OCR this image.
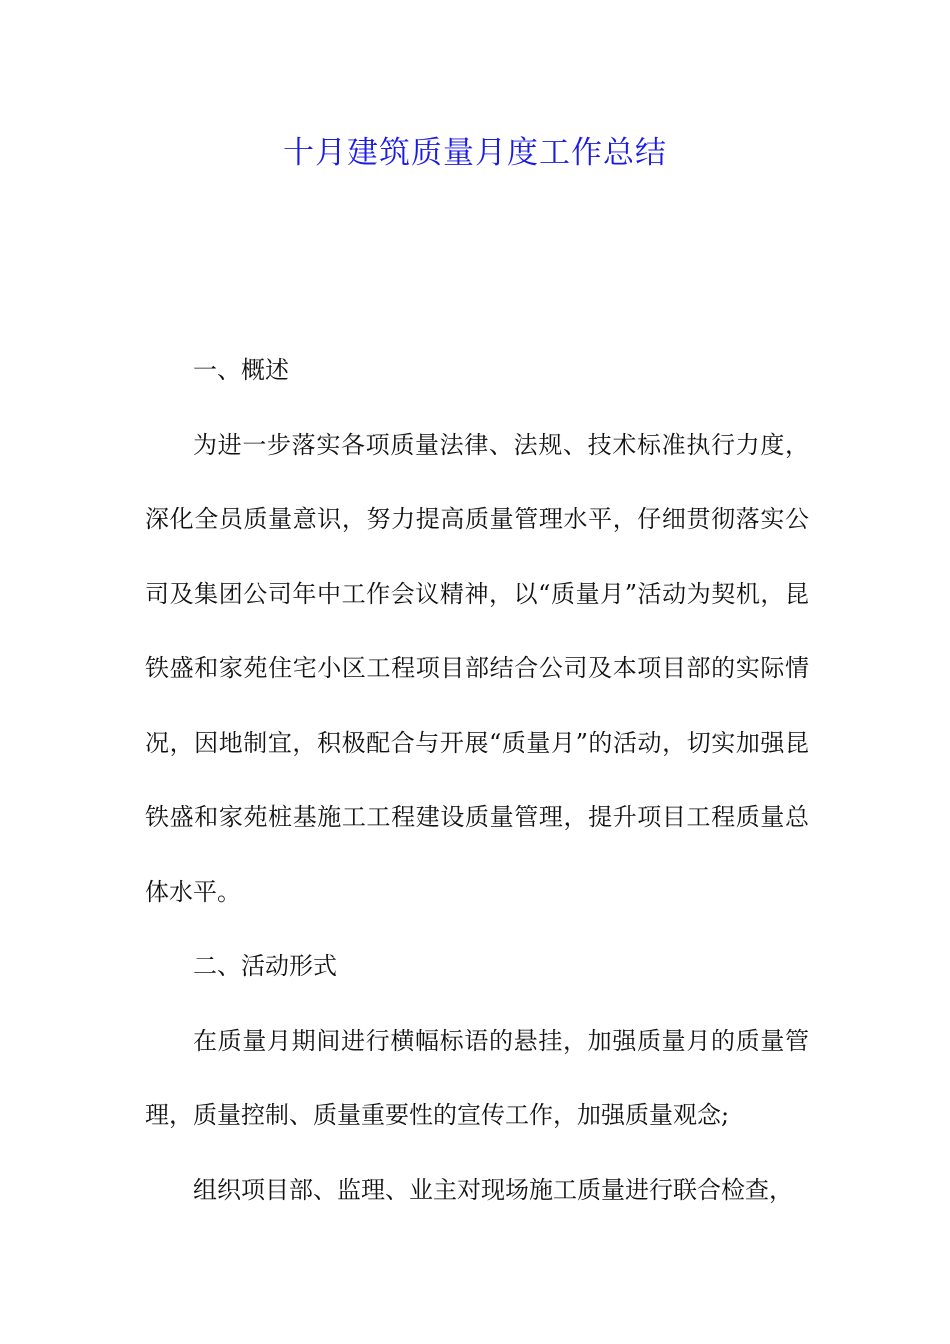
十月建筑质量月度工作总结

一、概述

为进一步落实各项质量法律、法规、技术标准执行力度，深化全员质量意识，努力提高质量管理水平，仔细贯彻落实公司及集团公司年中工作会议精神，以“质量月”活动为契机，昆铁盛和家苑住宅小区工程项目部结合公司及本项目部的实际情况，因地制宜，积极配合与开展“质量月”的活动，切实加强昆铁盛和家苑桩基施工工程建设质量管理，提升项目工程质量总体水平。

二、活动形式

在质量月期间进行横幅标语的悬挂，加强质量月的质量管理，质量控制、质量重要性的宣传工作，加强质量观念;

组织项目部、监理、业主对现场施工质量进行联合检查，
